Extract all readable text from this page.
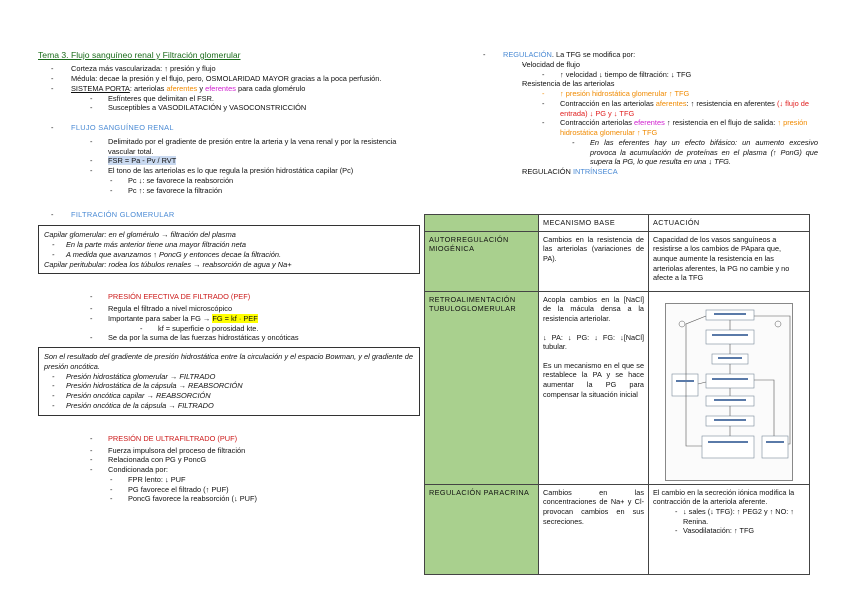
Tema 3. Flujo sanguíneo renal y Filtración glomerular
- Corteza más vascularizada: ↑ presión y flujo
- Médula: decae la presión y el flujo, pero, OSMOLARIDAD MAYOR gracias a la poca perfusión.
- SISTEMA PORTA: arteriolas aferentes y eferentes para cada glomérulo
- Esfínteres que delimitan el FSR.
- Susceptibles a VASODILATACIÓN y VASOCONSTRICCIÓN
- FLUJO SANGUÍNEO RENAL
- Delimitado por el gradiente de presión entre la arteria y la vena renal y por la resistencia vascular total.
- FSR = Pa - Pv / RVT
- El tono de las arteriolas es lo que regula la presión hidrostática capilar (Pc)
- Pc ↓: se favorece la reabsorción
- Pc ↑: se favorece la filtración
- FILTRACIÓN GLOMERULAR
Capilar glomerular: en el glomérulo → filtración del plasma
- En la parte más anterior tiene una mayor filtración neta
- A medida que avanzamos ↑ PoncG y entonces decae la filtración.
Capilar peritubular: rodea los túbulos renales → reabsorción de agua y Na+
- PRESIÓN EFECTIVA DE FILTRADO (PEF)
- Regula el filtrado a nivel microscópico
- Importante para saber la FG → FG = kf · PEF
- kf = superficie o porosidad kte.
- Se da por la suma de las fuerzas hidrostáticas y oncóticas
Son el resultado del gradiente de presión hidrostática entre la circulación y el espacio Bowman, y el gradiente de presión oncótica.
- Presión hidrostática glomerular → FILTRADO
- Presión hidrostática de la cápsula → REABSORCIÓN
- Presión oncótica capilar → REABSORCIÓN
- Presión oncótica de la cápsula → FILTRADO
- PRESIÓN DE ULTRAFILTRADO (PUF)
- Fuerza impulsora del proceso de filtración
- Relacionada con PG y PoncG
- Condicionada por:
- FPR lento: ↓ PUF
- PG favorece el filtrado (↑ PUF)
- PoncG favorece la reabsorción (↓ PUF)
- REGULACIÓN. La TFG se modifica por:
- Velocidad de flujo
- ↑ velocidad ↓ tiempo de filtración: ↓ TFG
- Resistencia de las arteriolas
- ↑ presión hidrostática glomerular ↑ TFG
- Contracción en las arteriolas aferentes: ↑ resistencia en aferentes (↓ flujo de entrada) ↓ PG y ↓ TFG
- Contracción arteriolas eferentes ↑ resistencia en el flujo de salida: ↑ presión hidrostática glomerular ↑ TFG
- En las eferentes hay un efecto bifásico: un aumento excesivo provoca la acumulación de proteínas en el plasma (↑ PonG) que supera la PG, lo que resulta en una ↓ TFG.
- REGULACIÓN INTRÍNSECA
	MECANISMO BASE	ACTUACIÓN
AUTORREGULACIÓN MIOGÉNICA	Cambios en la resistencia de las arteriolas (variaciones de PA).	Capacidad de los vasos sanguíneos a resistirse a los cambios de PApara que, aunque aumente la resistencia en las arteriolas aferentes, la PG no cambie y no afecte a la TFG
RETROALIMENTACIÓN TUBULOGLOMERULAR	Acopla cambios en la [NaCl] de la mácula densa a la resistencia arteriolar.
↓ PA: ↓ PG: ↓ FG: ↓[NaCl] tubular.
Es un mecanismo en el que se restablece la PA y se hace aumentar la PG para compensar la situación inicial

REGULACIÓN PARACRINA	Cambios en las concentraciones de Na+ y Cl- provocan cambios en sus secreciones.	El cambio en la secreción iónica modifica la contracción de la arteriola aferente.
- ↓ sales (↓ TFG): ↑ PEG2 y ↑ NO: ↑ Renina.
- Vasodilatación: ↑ TFG
